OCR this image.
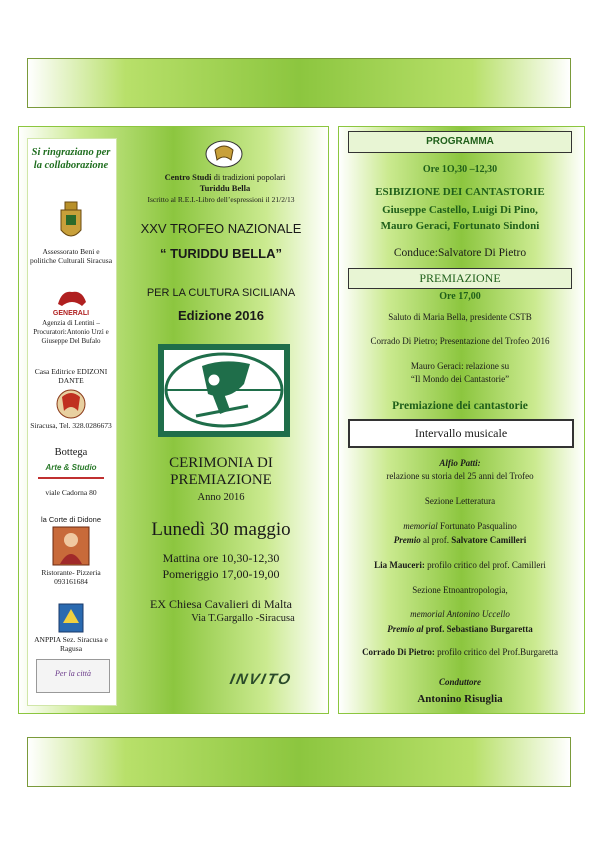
Si ringraziano per la collaborazione
Assessorato Beni e politiche Culturali Siracusa
GENERALI
Agenzia di Lentini – Procuratori:Antonio Urzì e Giuseppe Del Bufalo
Casa Editrice EDIZONI DANTE
Siracusa, Tel. 328.0286673
Bottega
Arte & Studio
viale Cadorna 80
la Corte di Didone
Ristorante- Pizzeria 093161684
ANPPIA Sez. Siracusa e Ragusa
Per la città
Centro Studi di tradizioni popolari
Turiddu Bella
Iscritto al R.E.I.-Libro dell’espressioni il 21/2/13
XXV TROFEO NAZIONALE
“ TURIDDU BELLA”
PER LA CULTURA SICILIANA
Edizione 2016
CERIMONIA DI
PREMIAZIONE
Anno 2016
Lunedì 30 maggio
Mattina ore 10,30-12,30
Pomeriggio 17,00-19,00
EX Chiesa Cavalieri di Malta
Via T.Gargallo -Siracusa
INVITO
PROGRAMMA
Ore 1O,30 –12,30
ESIBIZIONE DEI CANTASTORIE
Giuseppe Castello, Luigi Di Pino,
Mauro Geraci, Fortunato Sindoni
Conduce:Salvatore Di Pietro
PREMIAZIONE
Ore 17,00
Saluto di Maria Bella, presidente CSTB
Corrado Di Pietro; Presentazione del Trofeo 2016
Mauro Geraci: relazione su
“Il Mondo dei Cantastorie”
Premiazione dei cantastorie
Intervallo musicale
Alfio Patti:
relazione su storia del 25 anni del Trofeo
Sezione Letteratura
memorial Fortunato Pasqualino
Premio al prof. Salvatore Camilleri
Lia Mauceri: profilo critico del prof. Camilleri
Sezione Etnoantropologia,
memorial Antonino Uccello
Premio al prof. Sebastiano Burgaretta
Corrado Di Pietro: profilo critico del Prof.Burgaretta
Conduttore
Antonino Risuglia
